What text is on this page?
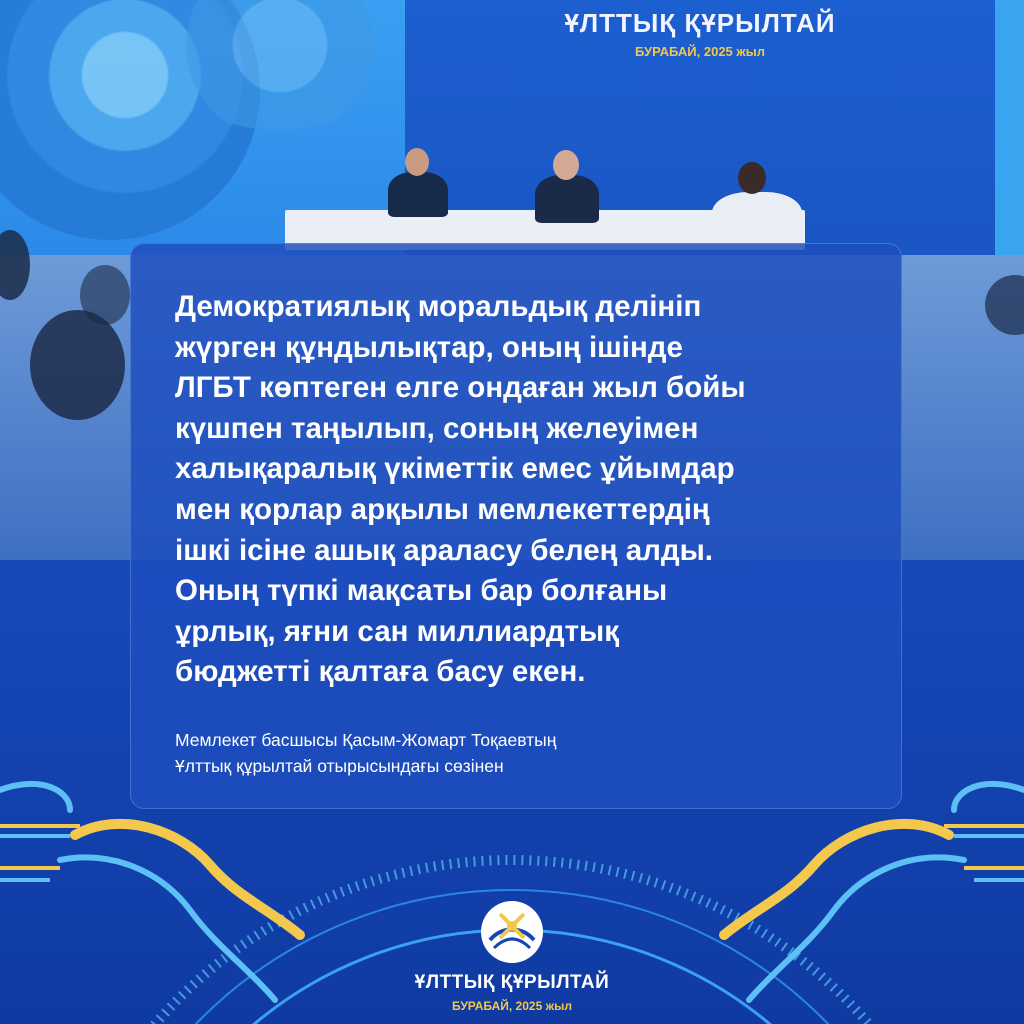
ҰЛТТЫҚ ҚҰРЫЛТАЙ
БУРАБАЙ, 2025 жыл

Демократиялық моральдық делініп
жүрген құндылықтар, оның ішінде
ЛГБТ көптеген елге ондаған жыл бойы
күшпен таңылып, соның желеуімен
халықаралық үкіметтік емес ұйымдар
мен қорлар арқылы мемлекеттердің
ішкі ісіне ашық араласу белең алды.
Оның түпкі мақсаты бар болғаны
ұрлық, яғни сан миллиардтық
бюджетті қалтаға басу екен.

Мемлекет басшысы Қасым-Жомарт Тоқаевтың
Ұлттық құрылтай отырысындағы сөзінен

ҰЛТТЫҚ ҚҰРЫЛТАЙ
БУРАБАЙ, 2025 жыл
